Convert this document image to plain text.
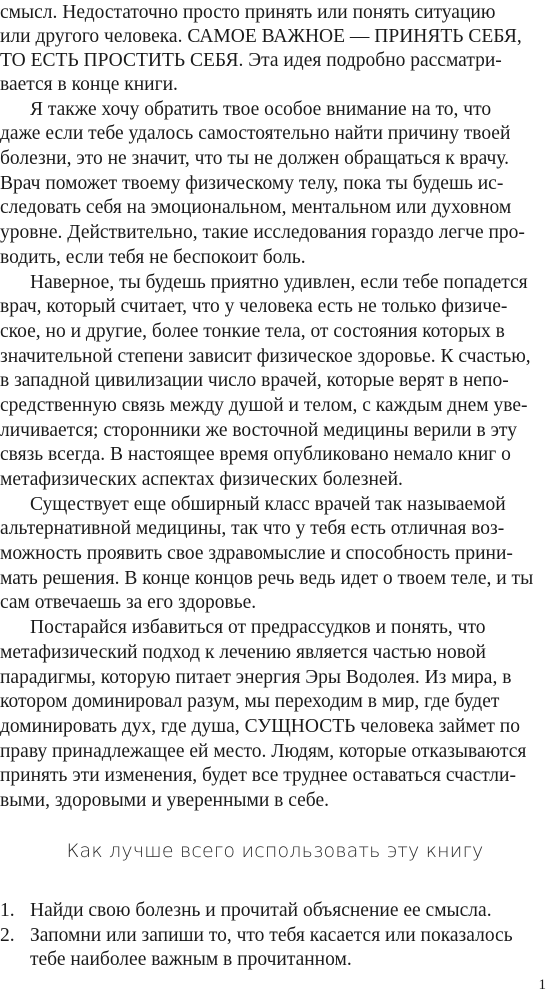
смысл. Недостаточно просто принять или понять ситуацию
или другого человека. САМОЕ ВАЖНОЕ — ПРИНЯТЬ СЕБЯ,
ТО ЕСТЬ ПРОСТИТЬ СЕБЯ. Эта идея подробно рассматри-
вается в конце книги.
Я также хочу обратить твое особое внимание на то, что
даже если тебе удалось самостоятельно найти причину твоей
болезни, это не значит, что ты не должен обращаться к врачу.
Врач поможет твоему физическому телу, пока ты будешь ис-
следовать себя на эмоциональном, ментальном или духовном
уровне. Действительно, такие исследования гораздо легче про-
водить, если тебя не беспокоит боль.
Наверное, ты будешь приятно удивлен, если тебе попадется
врач, который считает, что у человека есть не только физиче-
ское, но и другие, более тонкие тела, от состояния которых в
значительной степени зависит физическое здоровье. К счастью,
в западной цивилизации число врачей, которые верят в непо-
средственную связь между душой и телом, с каждым днем уве-
личивается; сторонники же восточной медицины верили в эту
связь всегда. В настоящее время опубликовано немало книг о
метафизических аспектах физических болезней.
Существует еще обширный класс врачей так называемой
альтернативной медицины, так что у тебя есть отличная воз-
можность проявить свое здравомыслие и способность прини-
мать решения. В конце концов речь ведь идет о твоем теле, и ты
сам отвечаешь за его здоровье.
Постарайся избавиться от предрассудков и понять, что
метафизический подход к лечению является частью новой
парадигмы, которую питает энергия Эры Водолея. Из мира, в
котором доминировал разум, мы переходим в мир, где будет
доминировать дух, где душа, СУЩНОСТЬ человека займет по
праву принадлежащее ей место. Людям, которые отказываются
принять эти изменения, будет все труднее оставаться счастли-
выми, здоровыми и уверенными в себе.
Как лучше всего использовать эту книгу
1. Найди свою болезнь и прочитай объяснение ее смысла.
2. Запомни или запиши то, что тебя касается или показалось
тебе наиболее важным в прочитанном.
1
